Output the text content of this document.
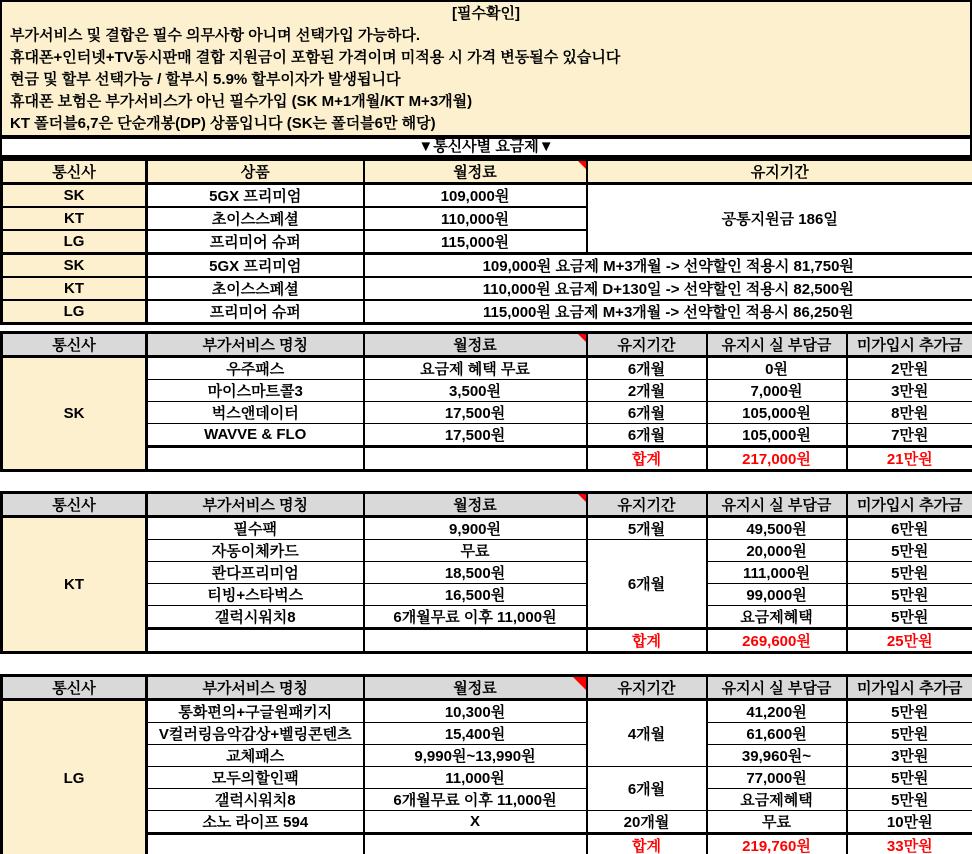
[필수확인]
부가서비스 및 결합은 필수 의무사항 아니며 선택가입 가능하다.
휴대폰+인터넷+TV동시판매 결합 지원금이 포함된 가격이며 미적용 시 가격 변동될수 있습니다
현금 및 할부 선택가능 / 할부시 5.9% 할부이자가 발생됩니다
휴대폰 보험은 부가서비스가 아닌 필수가입 (SK M+1개월/KT M+3개월)
KT 폴더블6,7은 단순개봉(DP) 상품입니다 (SK는 폴더블6만 해당)
▼통신사별 요금제▼
통신사	상품	월정료	유지기간
SK	5GX 프리미엄	109,000원	공통지원금 186일
KT	초이스스페셜	110,000원	
LG	프리미어 슈퍼	115,000원	
SK	5GX 프리미엄	109,000원 요금제 M+3개월 -> 선약할인 적용시 81,750원	
KT	초이스스페셜	110,000원 요금제 D+130일 -> 선약할인 적용시 82,500원	
LG	프리미어 슈퍼	115,000원 요금제 M+3개월 -> 선약할인 적용시 86,250원	
통신사	부가서비스 명칭	월정료	유지기간	유지시 실 부담금	미가입시 추가금
SK	우주패스	요금제 혜택 무료	6개월	0원	2만원
	마이스마트콜3	3,500원	2개월	7,000원	3만원
	벅스앤데이터	17,500원	6개월	105,000원	8만원
	WAVVE & FLO	17,500원	6개월	105,000원	7만원
			합계	217,000원	21만원
통신사	부가서비스 명칭	월정료	유지기간	유지시 실 부담금	미가입시 추가금
KT	필수팩	9,900원	5개월	49,500원	6만원
	자동이체카드	무료	6개월	20,000원	5만원
	콴다프리미엄	18,500원		111,000원	5만원
	티빙+스타벅스	16,500원		99,000원	5만원
	갤럭시워치8	6개월무료 이후 11,000원		요금제혜택	5만원
			합계	269,600원	25만원
통신사	부가서비스 명칭	월정료	유지기간	유지시 실 부담금	미가입시 추가금
LG	통화편의+구글원패키지	10,300원	4개월	41,200원	5만원
	V컬러링음악감상+벨링콘텐츠	15,400원		61,600원	5만원
	교체패스	9,990원~13,990원		39,960원~	3만원
	모두의할인팩	11,000원	6개월	77,000원	5만원
	갤럭시워치8	6개월무료 이후 11,000원		요금제혜택	5만원
	소노 라이프 594	X	20개월	무료	10만원
			합계	219,760원	33만원
